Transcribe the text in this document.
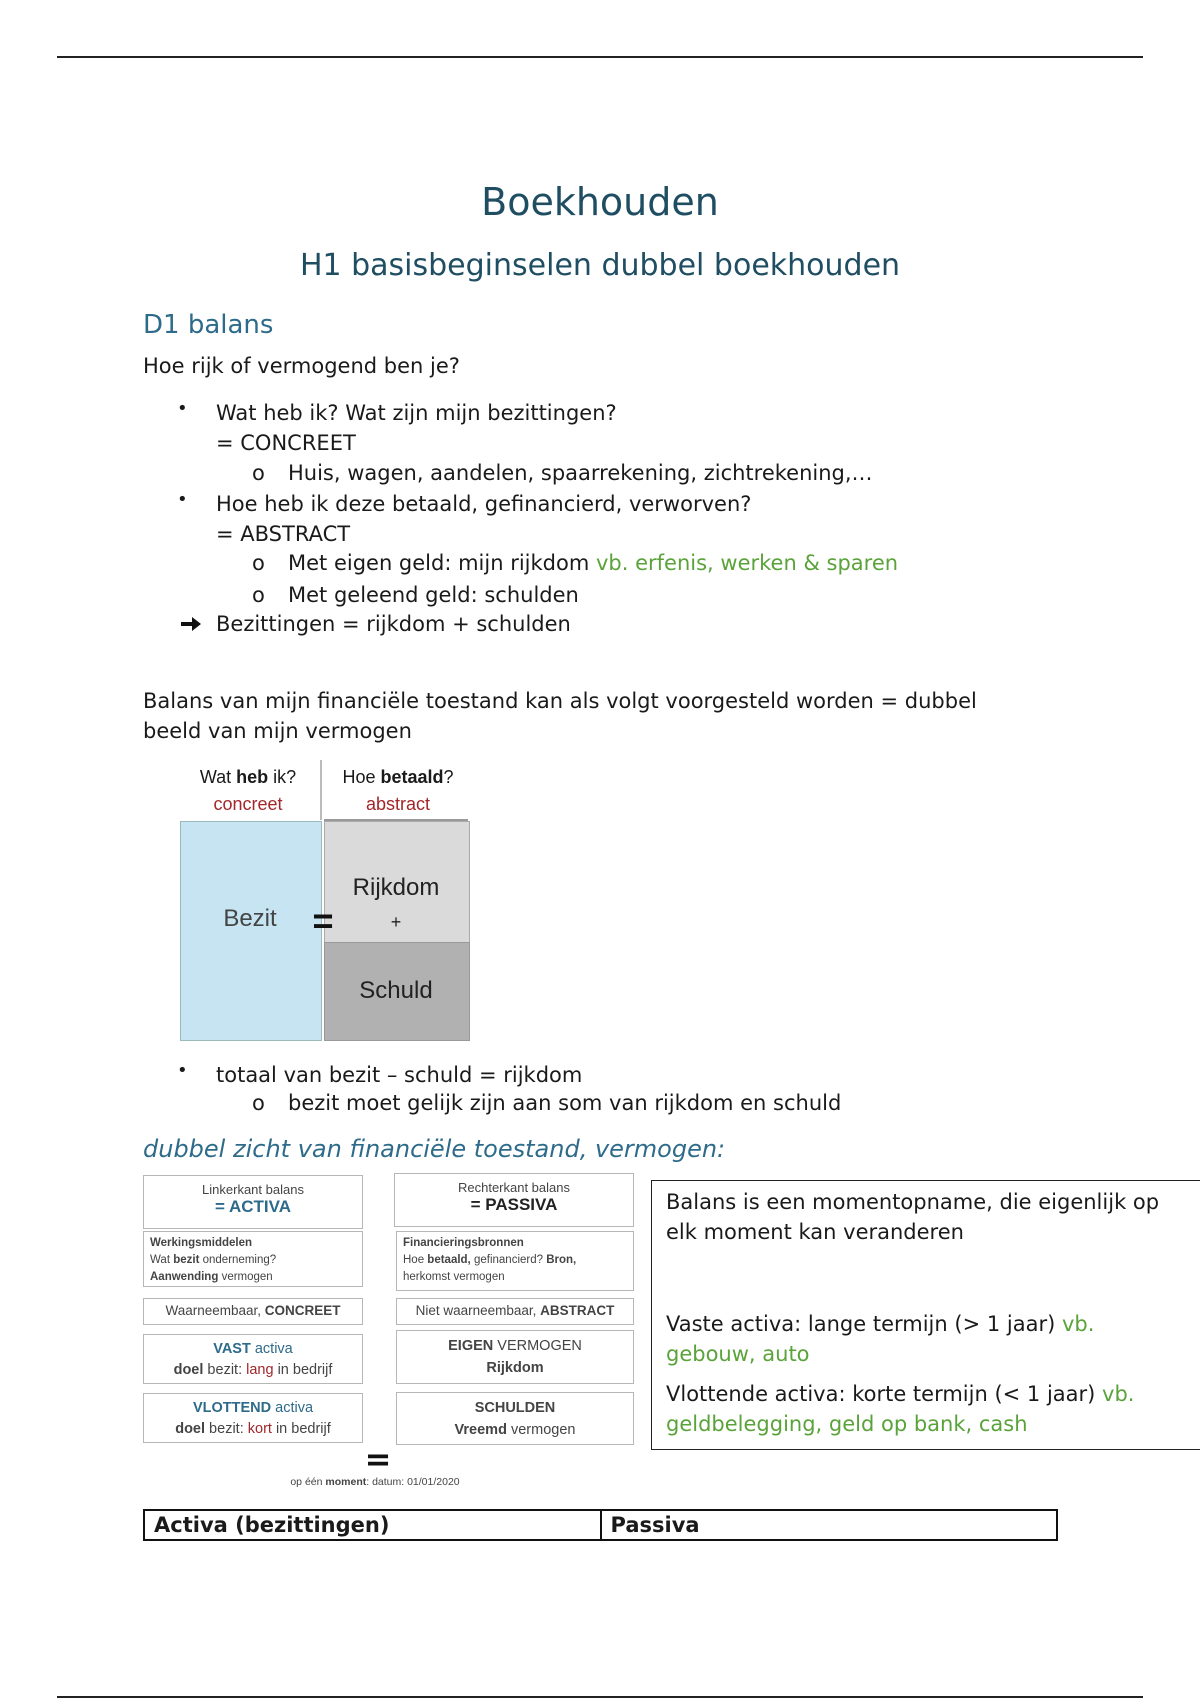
Boekhouden
H1 basisbeginselen dubbel boekhouden
D1 balans
Hoe rijk of vermogend ben je?
• Wat heb ik? Wat zijn mijn bezittingen?
= CONCREET
o Huis, wagen, aandelen, spaarrekening, zichtrekening,…
• Hoe heb ik deze betaald, gefinancierd, verworven?
= ABSTRACT
o Met eigen geld: mijn rijkdom vb. erfenis, werken & sparen
o Met geleend geld: schulden
Bezittingen = rijkdom + schulden
Balans van mijn financiële toestand kan als volgt voorgesteld worden = dubbel
beeld van mijn vermogen
Wat heb ik?
concreet
Hoe betaald?
abstract
Bezit
Rijkdom
+
Schuld
=
• totaal van bezit – schuld = rijkdom
o bezit moet gelijk zijn aan som van rijkdom en schuld
dubbel zicht van financiële toestand, vermogen:
Linkerkant balans
= ACTIVA
Rechterkant balans
= PASSIVA
Werkingsmiddelen
Wat bezit onderneming?
Aanwending vermogen
Financieringsbronnen
Hoe betaald, gefinancierd? Bron,
herkomst vermogen
Waarneembaar, CONCREET	Niet waarneembaar, ABSTRACT
VAST activa
doel bezit: lang in bedrijf
EIGEN VERMOGEN
Rijkdom
VLOTTEND activa
doel bezit: kort in bedrijf
SCHULDEN
Vreemd vermogen
=
op één moment: datum: 01/01/2020
Balans is een momentopname, die eigenlijk op elk moment kan veranderen
Vaste activa: lange termijn (> 1 jaar) vb. gebouw, auto
Vlottende activa: korte termijn (< 1 jaar) vb. geldbelegging, geld op bank, cash
Activa (bezittingen)	Passiva
